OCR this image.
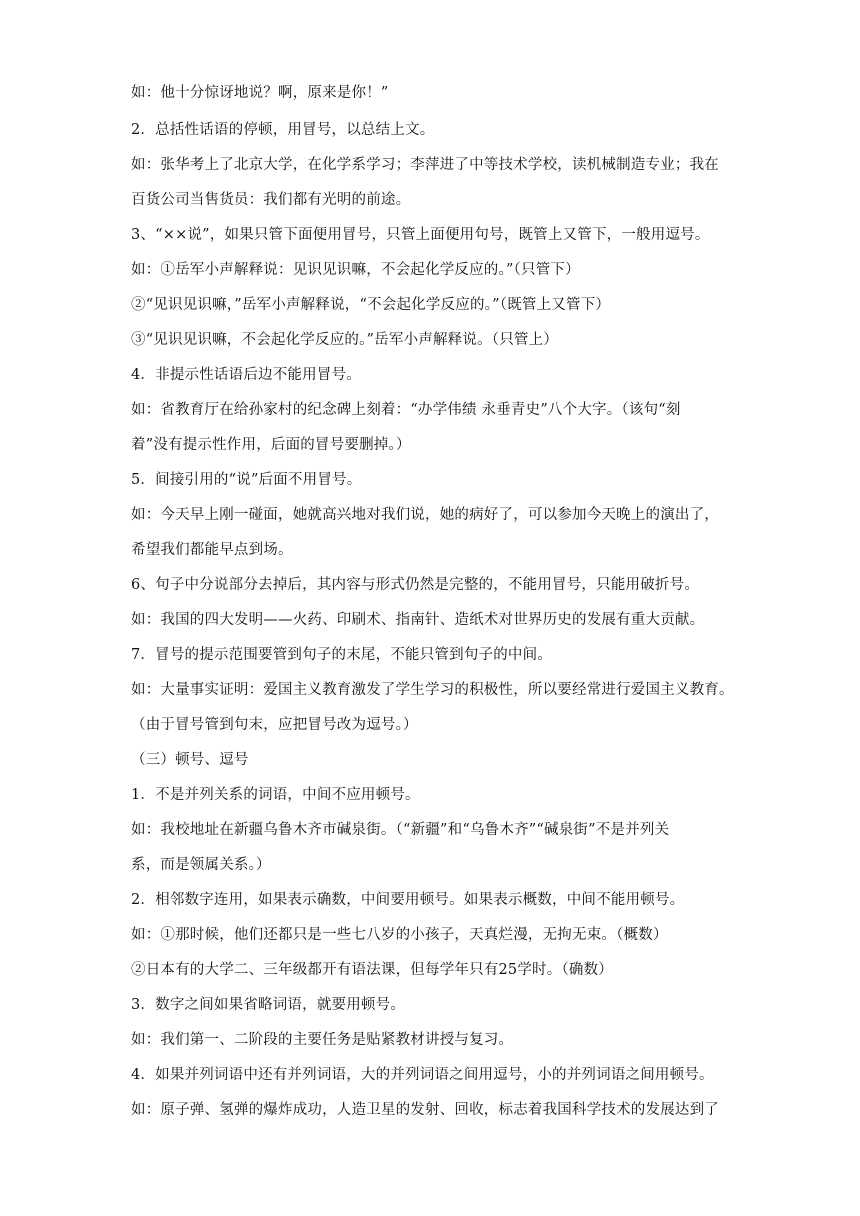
如：他十分惊讶地说？啊，原来是你！”

2．总括性话语的停顿，用冒号，以总结上文。

如：张华考上了北京大学，在化学系学习；李萍进了中等技术学校，读机械制造专业；我在

百货公司当售货员：我们都有光明的前途。

3、“××说”，如果只管下面便用冒号，只管上面便用句号，既管上又管下，一般用逗号。

如：①岳军小声解释说：见识见识嘛，不会起化学反应的。”（只管下）

②“见识见识嘛，”岳军小声解释说，“不会起化学反应的。”（既管上又管下）

③“见识见识嘛，不会起化学反应的。”岳军小声解释说。（只管上）

4．非提示性话语后边不能用冒号。

如：省教育厅在给孙家村的纪念碑上刻着：“办学伟绩 永垂青史”八个大字。（该句“刻

着”没有提示性作用，后面的冒号要删掉。）

5．间接引用的“说”后面不用冒号。

如：今天早上刚一碰面，她就高兴地对我们说，她的病好了，可以参加今天晚上的演出了，

希望我们都能早点到场。

6、句子中分说部分去掉后，其内容与形式仍然是完整的，不能用冒号，只能用破折号。

如：我国的四大发明——火药、印刷术、指南针、造纸术对世界历史的发展有重大贡献。

7．冒号的提示范围要管到句子的末尾，不能只管到句子的中间。

如：大量事实证明：爱国主义教育激发了学生学习的积极性，所以要经常进行爱国主义教育。

（由于冒号管到句末，应把冒号改为逗号。）

（三）顿号、逗号

1．不是并列关系的词语，中间不应用顿号。

如：我校地址在新疆乌鲁木齐市碱泉街。（“新疆”和“乌鲁木齐”“碱泉街”不是并列关

系，而是领属关系。）

2．相邻数字连用，如果表示确数，中间要用顿号。如果表示概数，中间不能用顿号。

如：①那时候，他们还都只是一些七八岁的小孩子，天真烂漫，无拘无束。（概数）

②日本有的大学二、三年级都开有语法课，但每学年只有25学时。（确数）

3．数字之间如果省略词语，就要用顿号。

如：我们第一、二阶段的主要任务是贴紧教材讲授与复习。

4．如果并列词语中还有并列词语，大的并列词语之间用逗号，小的并列词语之间用顿号。

如：原子弹、氢弹的爆炸成功，人造卫星的发射、回收，标志着我国科学技术的发展达到了
